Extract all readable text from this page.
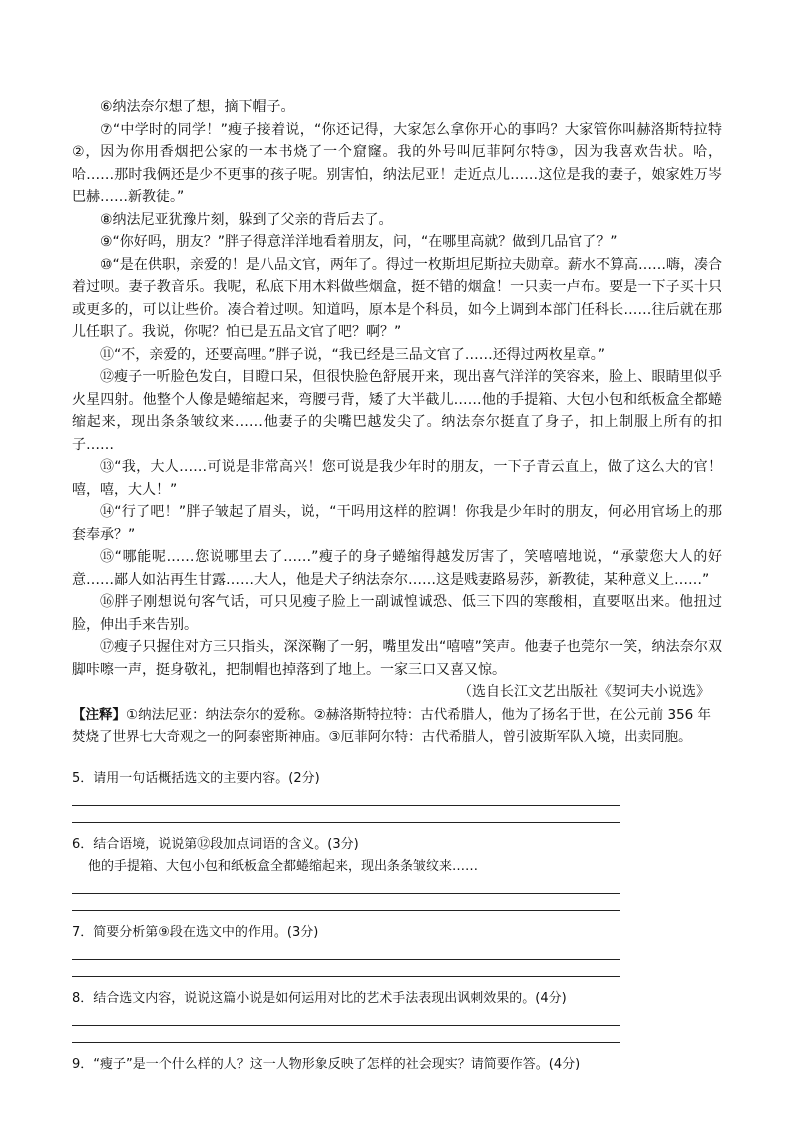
⑥纳法奈尔想了想，摘下帽子。

⑦“中学时的同学！”瘦子接着说，“你还记得，大家怎么拿你开心的事吗？大家管你叫赫洛斯特拉特②，因为你用香烟把公家的一本书烧了一个窟窿。我的外号叫厄菲阿尔特③，因为我喜欢告状。哈，哈……那时我俩还是少不更事的孩子呢。别害怕，纳法尼亚！走近点儿……这位是我的妻子，娘家姓万岑巴赫……新教徒。”

⑧纳法尼亚犹豫片刻，躲到了父亲的背后去了。

⑨“你好吗，朋友？”胖子得意洋洋地看着朋友，问，“在哪里高就？做到几品官了？”

⑩“是在供职，亲爱的！是八品文官，两年了。得过一枚斯坦尼斯拉夫勋章。薪水不算高……嗨，凑合着过呗。妻子教音乐。我呢，私底下用木料做些烟盒，挺不错的烟盒！一只卖一卢布。要是一下子买十只或更多的，可以让些价。凑合着过呗。知道吗，原本是个科员，如今上调到本部门任科长……往后就在那儿任职了。我说，你呢？怕已是五品文官了吧？啊？”

⑪“不，亲爱的，还要高哩。”胖子说，“我已经是三品文官了……还得过两枚星章。”

⑫瘦子一听脸色发白，目瞪口呆，但很快脸色舒展开来，现出喜气洋洋的笑容来，脸上、眼睛里似乎火星四射。他整个人像是蜷缩起来，弯腰弓背，矮了大半截儿……他的手提箱、大包小包和纸板盒全都蜷缩起来，现出条条皱纹来……他妻子的尖嘴巴越发尖了。纳法奈尔挺直了身子，扣上制服上所有的扣子……

⑬“我，大人……可说是非常高兴！您可说是我少年时的朋友，一下子青云直上，做了这么大的官！嘻，嘻，大人！”

⑭“行了吧！”胖子皱起了眉头，说，“干吗用这样的腔调！你我是少年时的朋友，何必用官场上的那套奉承？”

⑮“哪能呢……您说哪里去了……”瘦子的身子蜷缩得越发厉害了，笑嘻嘻地说，“承蒙您大人的好意……鄙人如沾再生甘露……大人，他是犬子纳法奈尔……这是贱妻路易莎，新教徒，某种意义上……”

⑯胖子刚想说句客气话，可只见瘦子脸上一副诚惶诚恐、低三下四的寒酸相，直要呕出来。他扭过脸，伸出手来告别。

⑰瘦子只握住对方三只指头，深深鞠了一躬，嘴里发出“嘻嘻”笑声。他妻子也莞尔一笑，纳法奈尔双脚咔嚓一声，挺身敬礼，把制帽也掉落到了地上。一家三口又喜又惊。

（选自长江文艺出版社《契诃夫小说选》

【注释】①纳法尼亚：纳法奈尔的爱称。②赫洛斯特拉特：古代希腊人，他为了扬名于世，在公元前 356 年焚烧了世界七大奇观之一的阿泰密斯神庙。③厄菲阿尔特：古代希腊人，曾引波斯军队入境，出卖同胞。

5．请用一句话概括选文的主要内容。(2分)

6．结合语境，说说第⑫段加点词语的含义。(3分)

他的手提箱、大包小包和纸板盒全都蜷缩起来，现出条条皱纹来……

7．简要分析第⑨段在选文中的作用。(3分)

8．结合选文内容，说说这篇小说是如何运用对比的艺术手法表现出讽刺效果的。(4分)

9．“瘦子”是一个什么样的人？这一人物形象反映了怎样的社会现实？请简要作答。(4分)
